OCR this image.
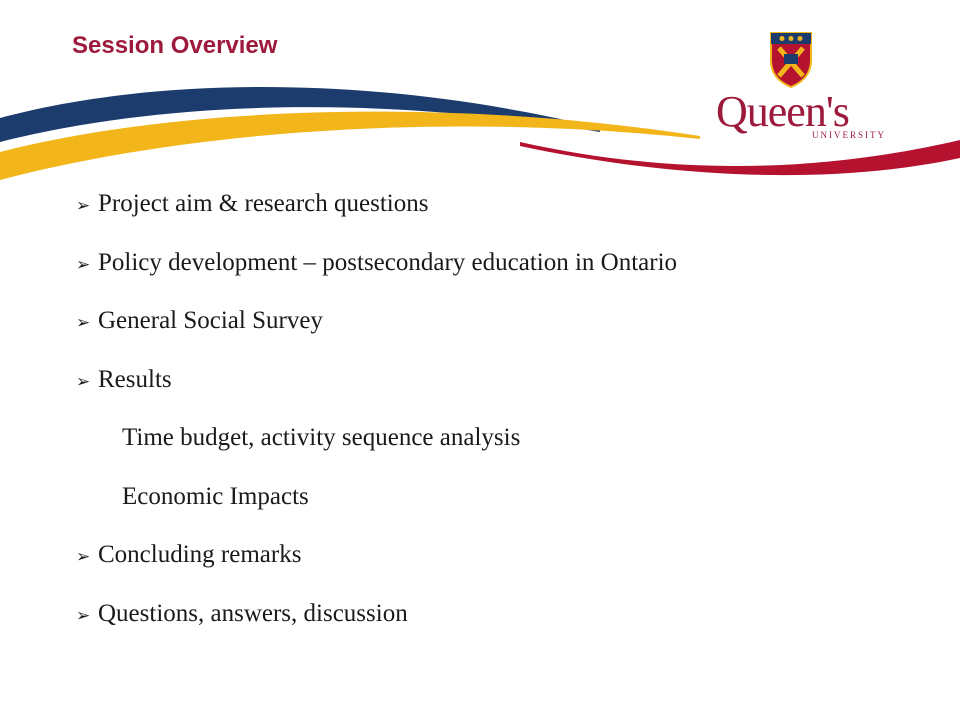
Session Overview
Queen's
UNIVERSITY
➢ Project aim & research questions
➢ Policy development – postsecondary education in Ontario
➢ General Social Survey
➢ Results
Time budget, activity sequence analysis
Economic Impacts
➢ Concluding remarks
➢ Questions, answers, discussion
